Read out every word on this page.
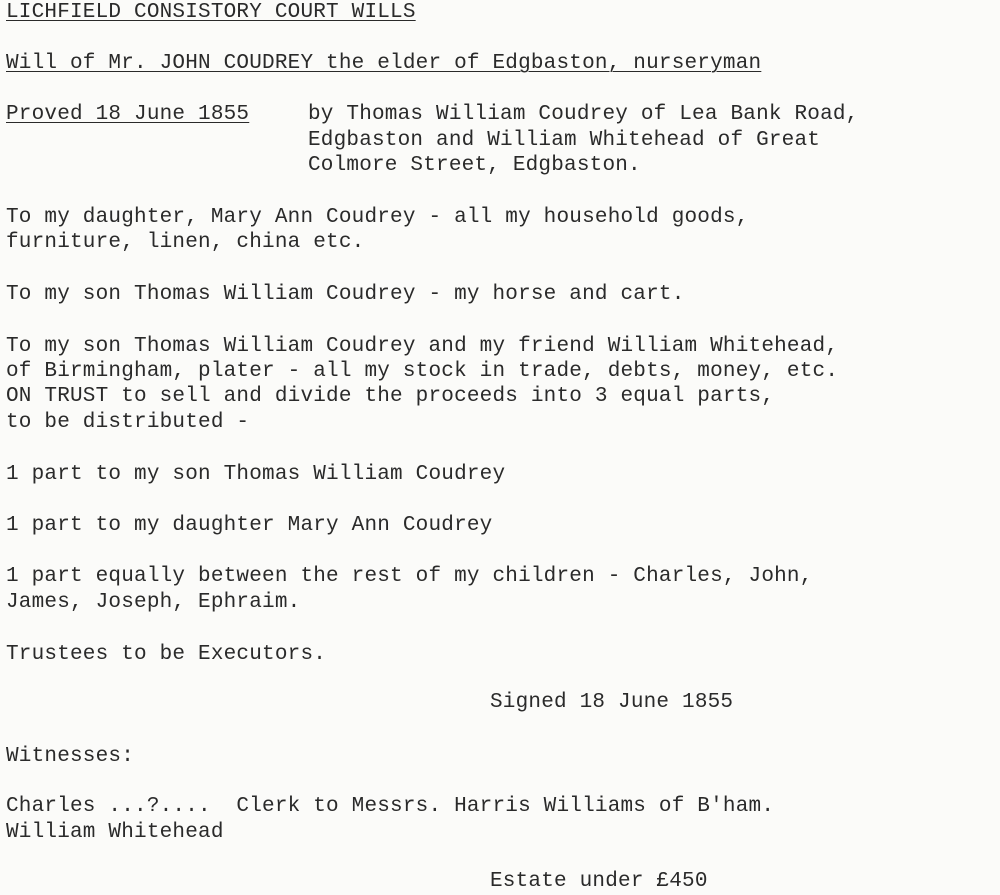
LICHFIELD CONSISTORY COURT WILLS
Will of Mr. JOHN COUDREY the elder of Edgbaston, nurseryman
Proved 18 June 1855	by Thomas William Coudrey of Lea Bank Road,
Edgbaston and William Whitehead of Great
Colmore Street, Edgbaston.
To my daughter, Mary Ann Coudrey - all my household goods,
furniture, linen, china etc.
To my son Thomas William Coudrey - my horse and cart.
To my son Thomas William Coudrey and my friend William Whitehead,
of Birmingham, plater - all my stock in trade, debts, money, etc.
ON TRUST to sell and divide the proceeds into 3 equal parts,
to be distributed -
1 part to my son Thomas William Coudrey
1 part to my daughter Mary Ann Coudrey
1 part equally between the rest of my children - Charles, John,
James, Joseph, Ephraim.
Trustees to be Executors.
Signed 18 June 1855
Witnesses:
Charles ...?....  Clerk to Messrs. Harris Williams of B'ham.
William Whitehead
Estate under £450
